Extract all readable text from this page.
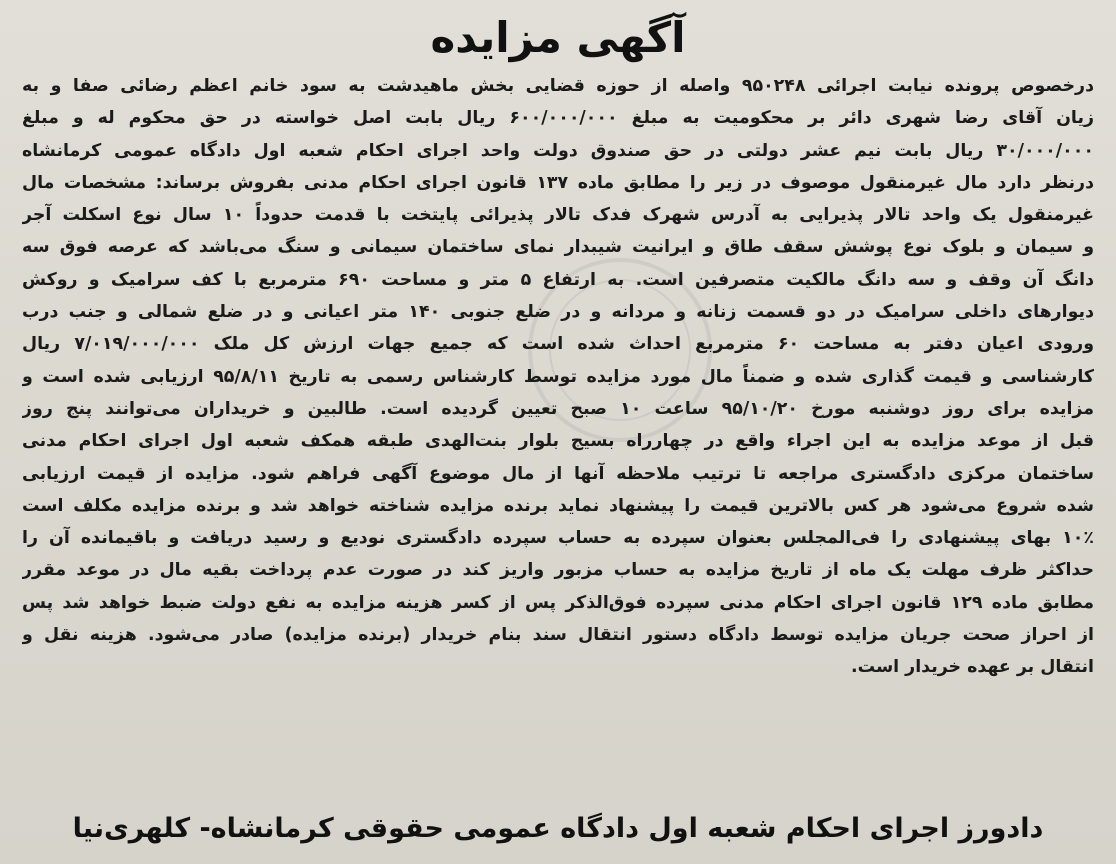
آگهی مزایده
درخصوص پرونده نیابت اجرائی ۹۵۰۲۴۸ واصله از حوزه قضایی بخش ماهیدشت به سود خانم اعظم رضائی صفا و به
زیان آقای رضا شهری دائر بر محکومیت به مبلغ ۶۰۰/۰۰۰/۰۰۰ ریال بابت اصل خواسته در حق محکوم له و مبلغ
۳۰/۰۰۰/۰۰۰ ریال بابت نیم عشر دولتی در حق صندوق دولت واحد اجرای احکام شعبه اول دادگاه عمومی کرمانشاه
درنظر دارد مال غیرمنقول موصوف در زیر را مطابق ماده ۱۳۷ قانون اجرای احکام مدنی بفروش برساند: مشخصات مال
غیرمنقول یک واحد تالار پذیرایی به آدرس شهرک فدک تالار پذیرائی پایتخت با قدمت حدوداً ۱۰ سال نوع اسکلت آجر
و سیمان و بلوک نوع پوشش سقف طاق و ایرانیت شیبدار نمای ساختمان سیمانی و سنگ می‌باشد که عرصه فوق سه
دانگ آن وقف و سه دانگ مالکیت متصرفین است. به ارتفاع ۵ متر و مساحت ۶۹۰ مترمربع با کف سرامیک و روکش
دیوارهای داخلی سرامیک در دو قسمت زنانه و مردانه و در ضلع جنوبی ۱۴۰ متر اعیانی و در ضلع شمالی و جنب درب
ورودی اعیان دفتر به مساحت ۶۰ مترمربع احداث شده است که جمیع جهات ارزش کل ملک ۷/۰۱۹/۰۰۰/۰۰۰ ریال
کارشناسی و قیمت گذاری شده و ضمناً مال مورد مزایده توسط کارشناس رسمی به تاریخ ۹۵/۸/۱۱ ارزیابی شده است و
مزایده برای روز دوشنبه مورخ ۹۵/۱۰/۲۰ ساعت ۱۰ صبح تعیین گردیده است. طالبین و خریداران می‌توانند پنج روز
قبل از موعد مزایده به این اجراء واقع در چهارراه بسیج بلوار بنت‌الهدی طبقه همکف شعبه اول اجرای احکام مدنی
ساختمان مرکزی دادگستری مراجعه تا ترتیب ملاحظه آنها از مال موضوع آگهی فراهم شود. مزایده از قیمت ارزیابی
شده شروع می‌شود هر کس بالاترین قیمت را پیشنهاد نماید برنده مزایده شناخته خواهد شد و برنده مزایده مکلف است
۱۰٪ بهای پیشنهادی را فی‌المجلس بعنوان سپرده به حساب سپرده دادگستری نودیع و رسید دریافت و باقیمانده آن را
حداکثر ظرف مهلت یک ماه از تاریخ مزایده به حساب مزبور واریز کند در صورت عدم پرداخت بقیه مال در موعد مقرر
مطابق ماده ۱۲۹ قانون اجرای احکام مدنی سپرده فوق‌الذکر پس از کسر هزینه مزایده به نفع دولت ضبط خواهد شد پس
از احراز صحت جریان مزایده توسط دادگاه دستور انتقال سند بنام خریدار (برنده مزایده) صادر می‌شود. هزینه نقل و
انتقال بر عهده خریدار است.
دادورز اجرای احکام شعبه اول دادگاه عمومی حقوقی کرمانشاه- کلهری‌نیا
